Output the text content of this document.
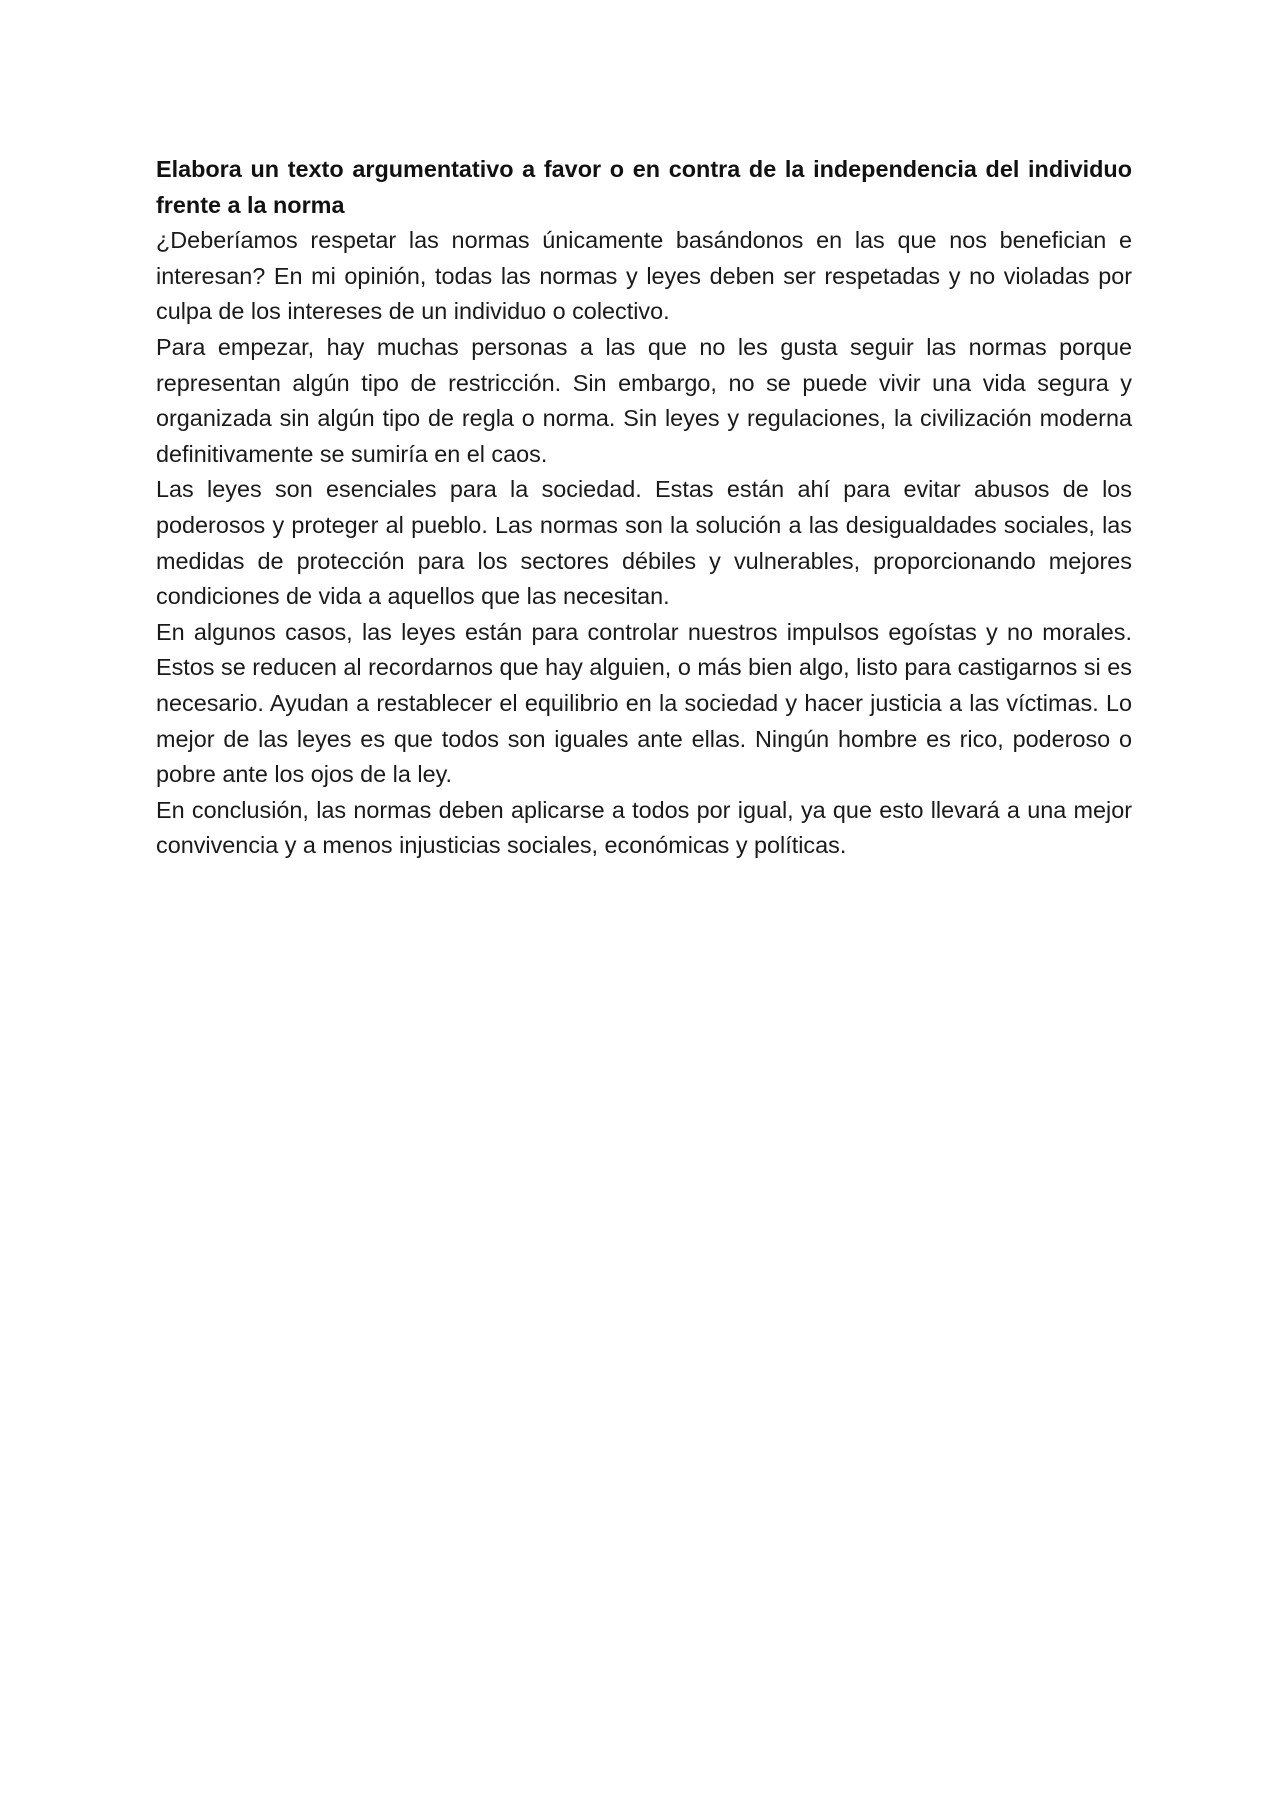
Elabora un texto argumentativo a favor o en contra de la independencia del individuo frente a la norma

¿Deberíamos respetar las normas únicamente basándonos en las que nos benefician e interesan? En mi opinión, todas las normas y leyes deben ser respetadas y no violadas por culpa de los intereses de un individuo o colectivo.

Para empezar, hay muchas personas a las que no les gusta seguir las normas porque representan algún tipo de restricción. Sin embargo, no se puede vivir una vida segura y organizada sin algún tipo de regla o norma. Sin leyes y regulaciones, la civilización moderna definitivamente se sumiría en el caos.

Las leyes son esenciales para la sociedad. Estas están ahí para evitar abusos de los poderosos y proteger al pueblo. Las normas son la solución a las desigualdades sociales, las medidas de protección para los sectores débiles y vulnerables, proporcionando mejores condiciones de vida a aquellos que las necesitan.

En algunos casos, las leyes están para controlar nuestros impulsos egoístas y no morales. Estos se reducen al recordarnos que hay alguien, o más bien algo, listo para castigarnos si es necesario. Ayudan a restablecer el equilibrio en la sociedad y hacer justicia a las víctimas. Lo mejor de las leyes es que todos son iguales ante ellas. Ningún hombre es rico, poderoso o pobre ante los ojos de la ley.

En conclusión, las normas deben aplicarse a todos por igual, ya que esto llevará a una mejor convivencia y a menos injusticias sociales, económicas y políticas.
